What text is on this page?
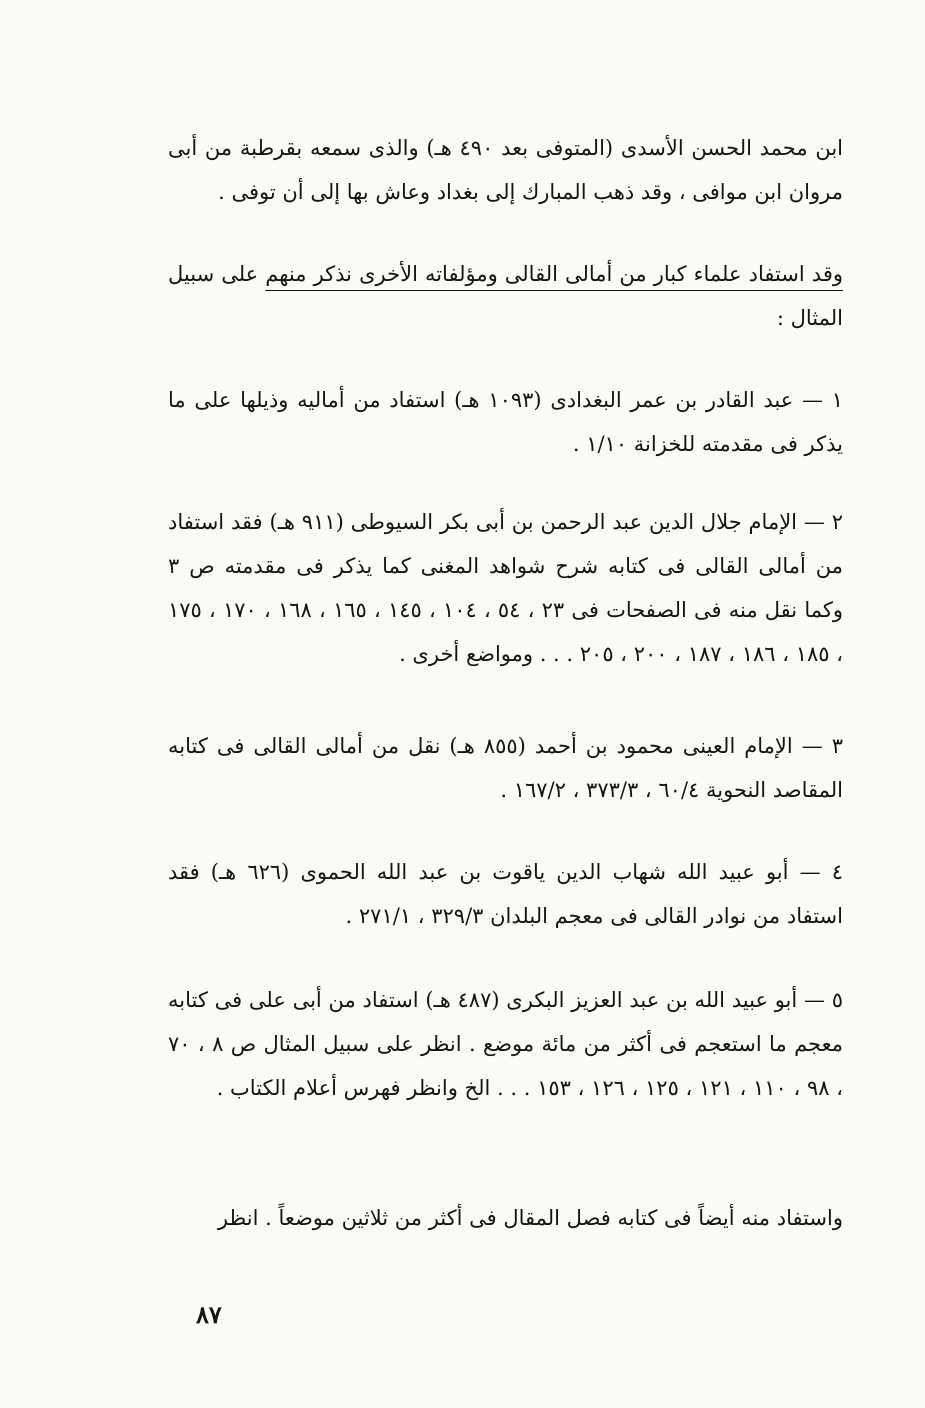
ابن محمد الحسن الأسدى (المتوفى بعد ٤٩٠ هـ) والذى سمعه بقرطبة من أبى مروان ابن موافى ، وقد ذهب المبارك إلى بغداد وعاش بها إلى أن توفى .

وقد استفاد علماء كبار من أمالى القالى ومؤلفاته الأخرى نذكر منهم على سبيل المثال :

١ — عبد القادر بن عمر البغدادى (١٠٩٣ هـ) استفاد من أماليه وذيلها على ما يذكر فى مقدمته للخزانة ١/١٠ .

٢ — الإمام جلال الدين عبد الرحمن بن أبى بكر السيوطى (٩١١ هـ) فقد استفاد من أمالى القالى فى كتابه شرح شواهد المغنى كما يذكر فى مقدمته ص ٣ وكما نقل منه فى الصفحات فى ٢٣ ، ٥٤ ، ١٠٤ ، ١٤٥ ، ١٦٥ ، ١٦٨ ، ١٧٠ ، ١٧٥ ، ١٨٥ ، ١٨٦ ، ١٨٧ ، ٢٠٠ ، ٢٠٥ . . . ومواضع أخرى .

٣ — الإمام العينى محمود بن أحمد (٨٥٥ هـ) نقل من أمالى القالى فى كتابه المقاصد النحوية ٦٠/٤ ، ٣٧٣/٣ ، ١٦٧/٢ .

٤ — أبو عبيد الله شهاب الدين ياقوت بن عبد الله الحموى (٦٢٦ هـ) فقد استفاد من نوادر القالى فى معجم البلدان ٣٢٩/٣ ، ٢٧١/١ .

٥ — أبو عبيد الله بن عبد العزيز البكرى (٤٨٧ هـ) استفاد من أبى على فى كتابه معجم ما استعجم فى أكثر من مائة موضع . انظر على سبيل المثال ص ٨ ، ٧٠ ، ٩٨ ، ١١٠ ، ١٢١ ، ١٢٥ ، ١٢٦ ، ١٥٣ . . . الخ وانظر فهرس أعلام الكتاب .

واستفاد منه أيضاً فى كتابه فصل المقال فى أكثر من ثلاثين موضعاً . انظر

٨٧
